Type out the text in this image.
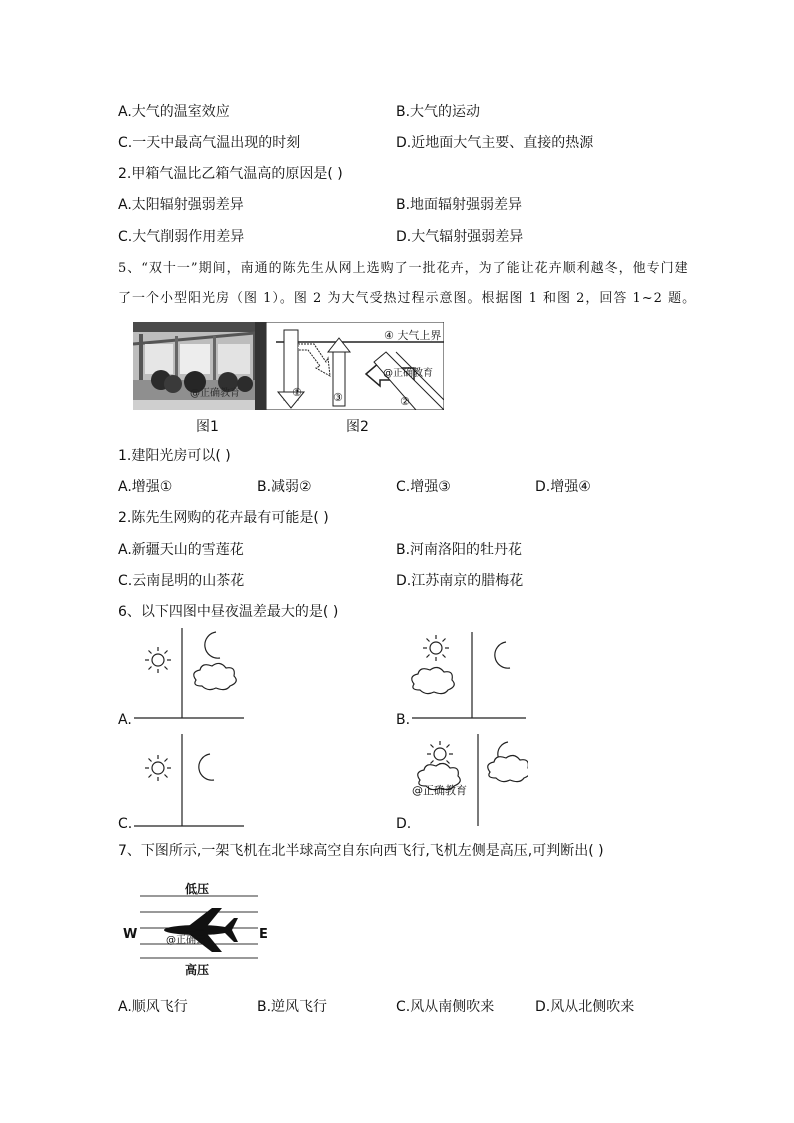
A.大气的温室效应	B.大气的运动
C.一天中最高气温出现的时刻	D.近地面大气主要、直接的热源
2.甲箱气温比乙箱气温高的原因是( )
A.太阳辐射强弱差异	B.地面辐射强弱差异
C.大气削弱作用差异	D.大气辐射强弱差异
5、“双十一”期间，南通的陈先生从网上选购了一批花卉，为了能让花卉顺利越冬，他专门建
了一个小型阳光房（图 1）。图 2 为大气受热过程示意图。根据图 1 和图 2，回答 1~2 题。
@正确教育
④ 大气上界
①
②
③
@正确教育
图1	图2
1.建阳光房可以( )
A.增强①	B.减弱②	C.增强③	D.增强④
2.陈先生网购的花卉最有可能是( )
A.新疆天山的雪莲花	B.河南洛阳的牡丹花
C.云南昆明的山茶花	D.江苏南京的腊梅花
6、以下四图中昼夜温差最大的是( )
A.	B.
C.
@正确教育
D.
7、下图所示,一架飞机在北半球高空自东向西飞行,飞机左侧是高压,可判断出( )
低压
高压
W	E
@正确云
A.顺风飞行	B.逆风飞行	C.风从南侧吹来	D.风从北侧吹来
